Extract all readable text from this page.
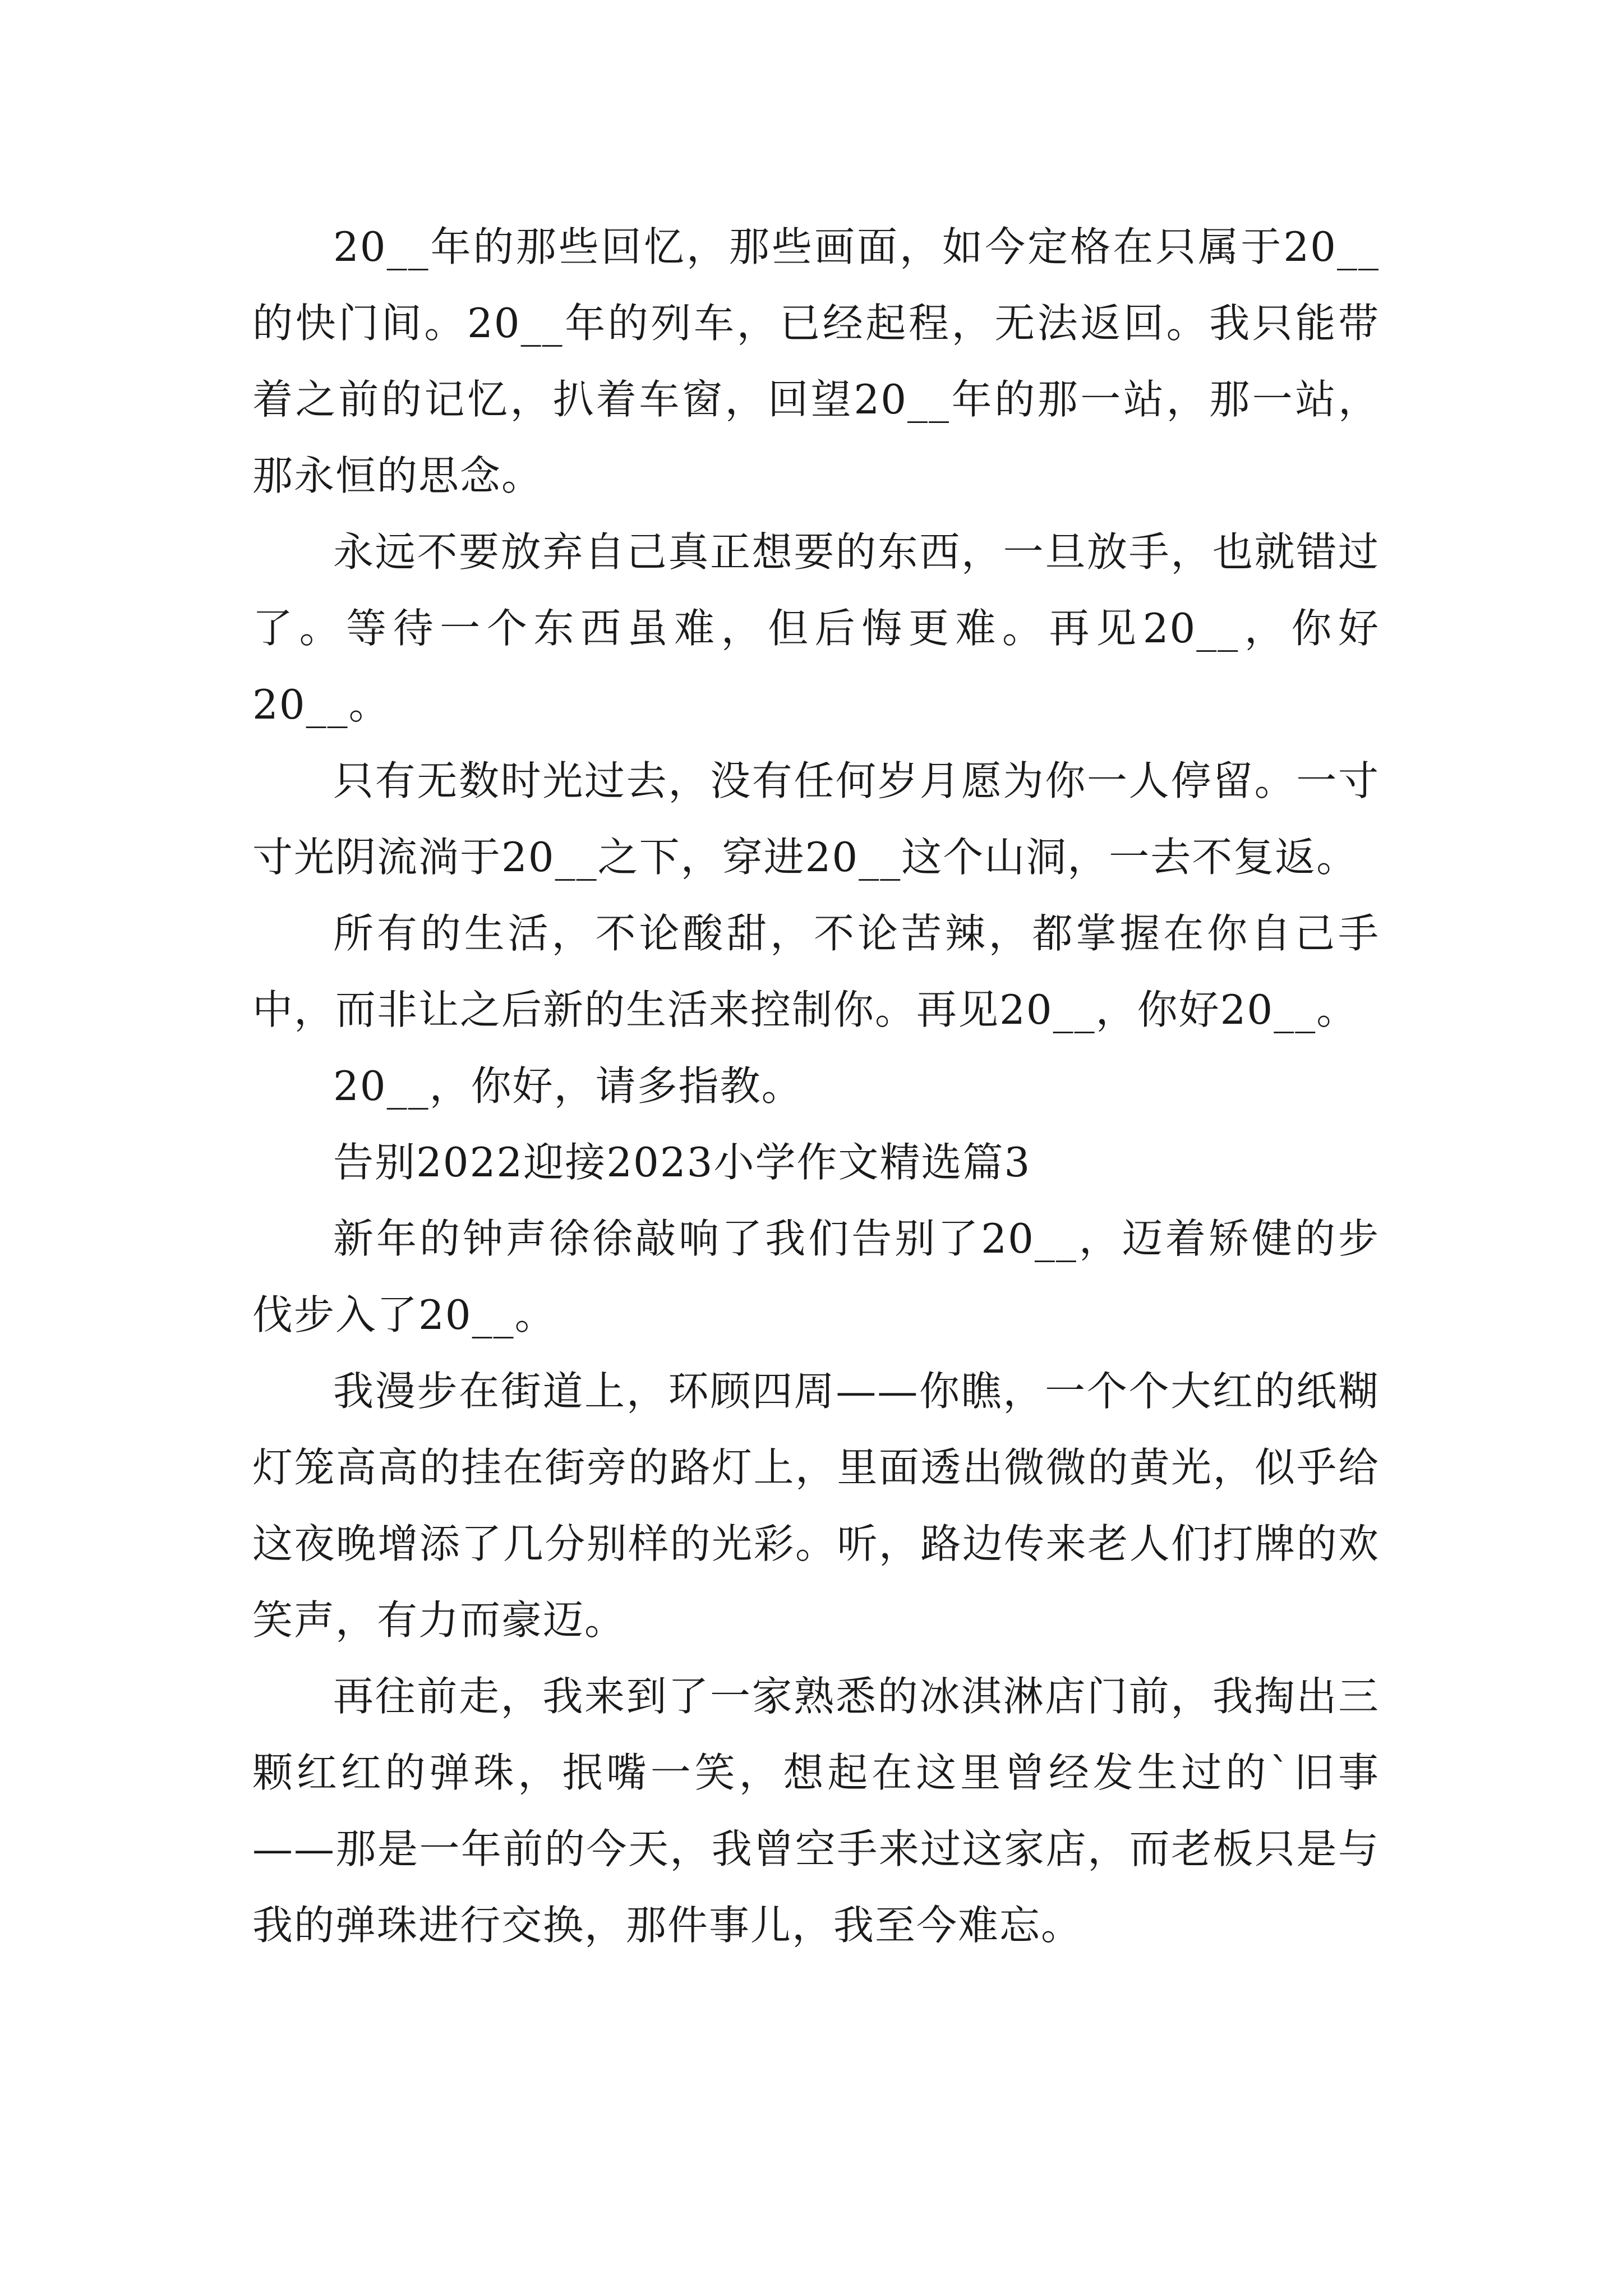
20__年的那些回忆，那些画面，如今定格在只属于20__的快门间。20__年的列车，已经起程，无法返回。我只能带着之前的记忆，扒着车窗，回望20__年的那一站，那一站，那永恒的思念。

永远不要放弃自己真正想要的东西，一旦放手，也就错过了。等待一个东西虽难，但后悔更难。再见20__，你好20__。

只有无数时光过去，没有任何岁月愿为你一人停留。一寸寸光阴流淌于20__之下，穿进20__这个山洞，一去不复返。

所有的生活，不论酸甜，不论苦辣，都掌握在你自己手中，而非让之后新的生活来控制你。再见20__，你好20__。

20__，你好，请多指教。

告别2022迎接2023小学作文精选篇3

新年的钟声徐徐敲响了我们告别了20__，迈着矫健的步伐步入了20__。

我漫步在街道上，环顾四周——你瞧，一个个大红的纸糊灯笼高高的挂在街旁的路灯上，里面透出微微的黄光，似乎给这夜晚增添了几分别样的光彩。听，路边传来老人们打牌的欢笑声，有力而豪迈。

再往前走，我来到了一家熟悉的冰淇淋店门前，我掏出三颗红红的弹珠，抿嘴一笑，想起在这里曾经发生过的`旧事——那是一年前的今天，我曾空手来过这家店，而老板只是与我的弹珠进行交换，那件事儿，我至今难忘。
